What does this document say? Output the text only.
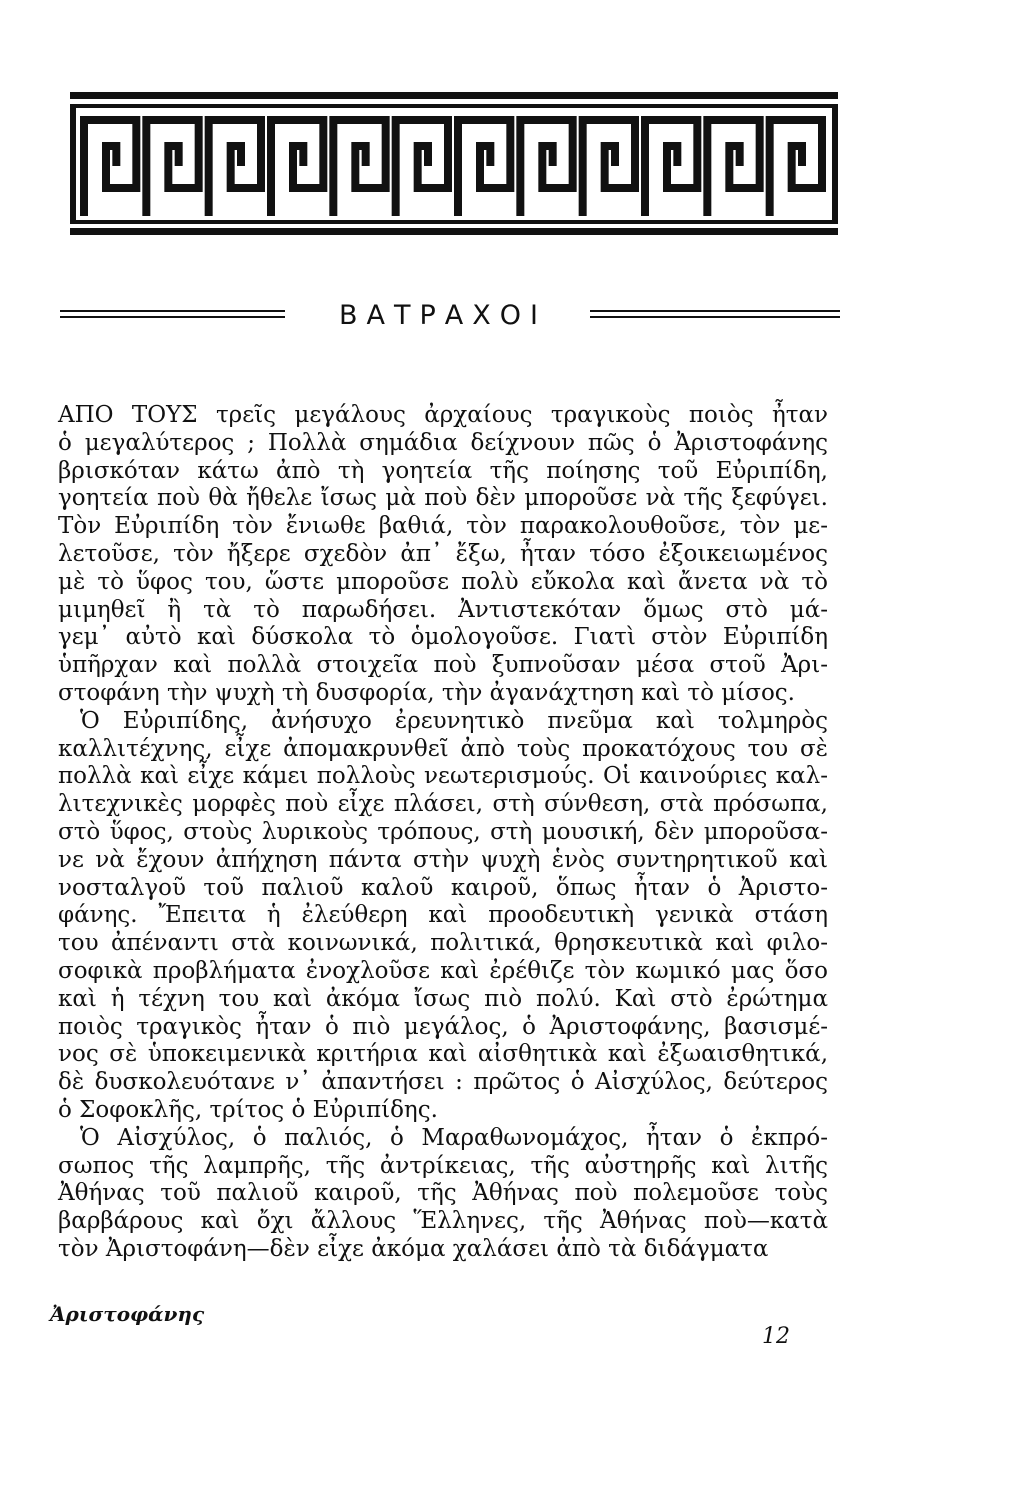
ΒΑΤΡΑΧΟΙ
ΑΠΟ ΤΟΥΣ τρεῖς μεγάλους ἀρχαίους τραγικοὺς ποιὸς ἦταν
ὁ μεγαλύτερος ; Πολλὰ σημάδια δείχνουν πῶς ὁ Ἀριστοφάνης
βρισκόταν κάτω ἀπὸ τὴ γοητεία τῆς ποίησης τοῦ Εὐριπίδη,
γοητεία ποὺ θὰ ἤθελε ἴσως μὰ ποὺ δὲν μποροῦσε νὰ τῆς ξεφύγει.
Τὸν Εὐριπίδη τὸν ἔνιωθε βαθιά, τὸν παρακολουθοῦσε, τὸν με-
λετοῦσε, τὸν ἤξερε σχεδὸν ἀπ᾿ ἔξω, ἦταν τόσο ἐξοικειωμένος
μὲ τὸ ὕφος του, ὥστε μποροῦσε πολὺ εὔκολα καὶ ἄνετα νὰ τὸ
μιμηθεῖ ἢ τὰ τὸ παρωδήσει. Ἀντιστεκόταν ὅμως στὸ μά-
γεμ᾿ αὐτὸ καὶ δύσκολα τὸ ὁμολογοῦσε. Γιατὶ στὸν Εὐριπίδη
ὑπῆρχαν καὶ πολλὰ στοιχεῖα ποὺ ξυπνοῦσαν μέσα στοῦ Ἀρι-
στοφάνη τὴν ψυχὴ τὴ δυσφορία, τὴν ἀγανάχτηση καὶ τὸ μίσος.
Ὁ Εὐριπίδης, ἀνήσυχο ἐρευνητικὸ πνεῦμα καὶ τολμηρὸς
καλλιτέχνης, εἶχε ἀπομακρυνθεῖ ἀπὸ τοὺς προκατόχους του σὲ
πολλὰ καὶ εἶχε κάμει πολλοὺς νεωτερισμούς. Οἱ καινούριες καλ-
λιτεχνικὲς μορφὲς ποὺ εἶχε πλάσει, στὴ σύνθεση, στὰ πρόσωπα,
στὸ ὕφος, στοὺς λυρικοὺς τρόπους, στὴ μουσική, δὲν μποροῦσα-
νε νὰ ἔχουν ἀπήχηση πάντα στὴν ψυχὴ ἑνὸς συντηρητικοῦ καὶ
νοσταλγοῦ τοῦ παλιοῦ καλοῦ καιροῦ, ὅπως ἦταν ὁ Ἀριστο-
φάνης. Ἔπειτα ἡ ἐλεύθερη καὶ προοδευτικὴ γενικὰ στάση
του ἀπέναντι στὰ κοινωνικά, πολιτικά, θρησκευτικὰ καὶ φιλο-
σοφικὰ προβλήματα ἐνοχλοῦσε καὶ ἐρέθιζε τὸν κωμικό μας ὅσο
καὶ ἡ τέχνη του καὶ ἀκόμα ἴσως πιὸ πολύ. Καὶ στὸ ἐρώτημα
ποιὸς τραγικὸς ἦταν ὁ πιὸ μεγάλος, ὁ Ἀριστοφάνης, βασισμέ-
νος σὲ ὑποκειμενικὰ κριτήρια καὶ αἰσθητικὰ καὶ ἐξωαισθητικά,
δὲ δυσκολευότανε ν᾿ ἀπαντήσει : πρῶτος ὁ Αἰσχύλος, δεύτερος
ὁ Σοφοκλῆς, τρίτος ὁ Εὐριπίδης.
Ὁ Αἰσχύλος, ὁ παλιός, ὁ Μαραθωνομάχος, ἦταν ὁ ἐκπρό-
σωπος τῆς λαμπρῆς, τῆς ἀντρίκειας, τῆς αὐστηρῆς καὶ λιτῆς
Ἀθήνας τοῦ παλιοῦ καιροῦ, τῆς Ἀθήνας ποὺ πολεμοῦσε τοὺς
βαρβάρους καὶ ὄχι ἄλλους Ἕλληνες, τῆς Ἀθήνας ποὺ—κατὰ
τὸν Ἀριστοφάνη—δὲν εἶχε ἀκόμα χαλάσει ἀπὸ τὰ διδάγματα
Ἀριστοφάνης
12
